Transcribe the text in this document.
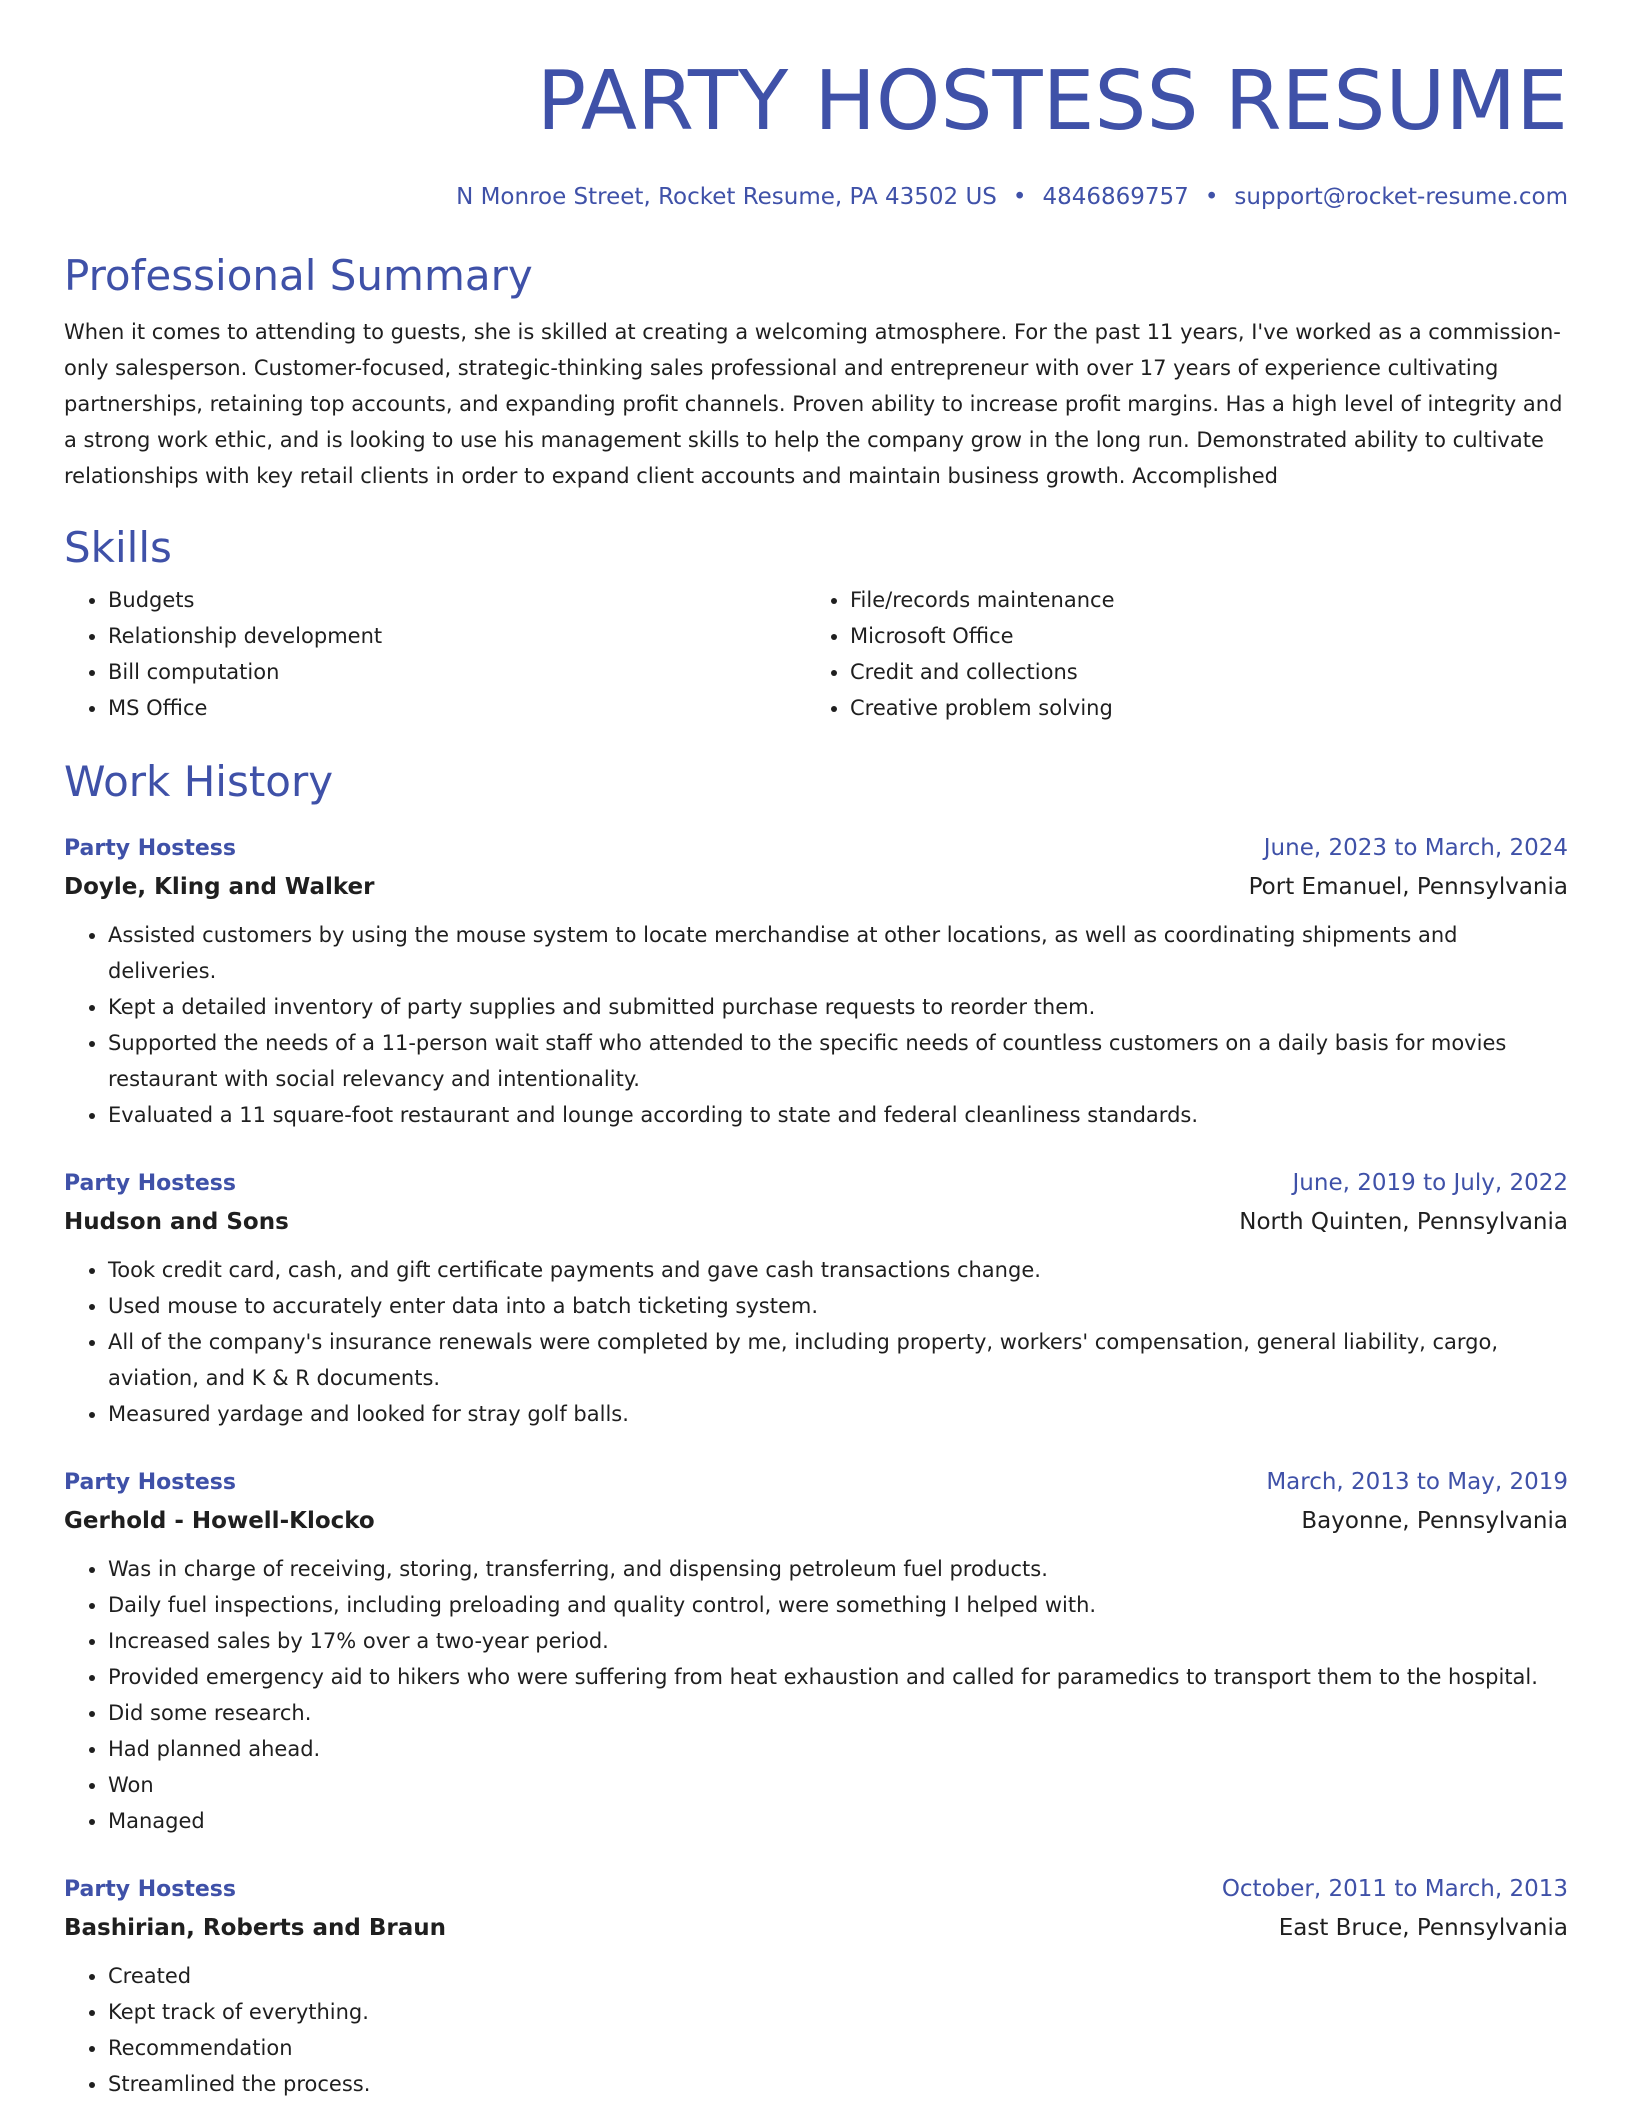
PARTY HOSTESS RESUME
N Monroe Street, Rocket Resume, PA 43502 US • 4846869757 • support@rocket-resume.com
Professional Summary

When it comes to attending to guests, she is skilled at creating a welcoming atmosphere. For the past 11 years, I've worked as a commission-only salesperson. Customer-focused, strategic-thinking sales professional and entrepreneur with over 17 years of experience cultivating partnerships, retaining top accounts, and expanding profit channels. Proven ability to increase profit margins. Has a high level of integrity and a strong work ethic, and is looking to use his management skills to help the company grow in the long run. Demonstrated ability to cultivate relationships with key retail clients in order to expand client accounts and maintain business growth. Accomplished

Skills
• Budgets
• Relationship development
• Bill computation
• MS Office
• File/records maintenance
• Microsoft Office
• Credit and collections
• Creative problem solving
Work History
Party Hostess	June, 2023 to March, 2024
Doyle, Kling and Walker	Port Emanuel, Pennsylvania
• Assisted customers by using the mouse system to locate merchandise at other locations, as well as coordinating shipments and deliveries.
• Kept a detailed inventory of party supplies and submitted purchase requests to reorder them.
• Supported the needs of a 11-person wait staff who attended to the specific needs of countless customers on a daily basis for movies restaurant with social relevancy and intentionality.
• Evaluated a 11 square-foot restaurant and lounge according to state and federal cleanliness standards.
Party Hostess	June, 2019 to July, 2022
Hudson and Sons	North Quinten, Pennsylvania
• Took credit card, cash, and gift certificate payments and gave cash transactions change.
• Used mouse to accurately enter data into a batch ticketing system.
• All of the company's insurance renewals were completed by me, including property, workers' compensation, general liability, cargo, aviation, and K & R documents.
• Measured yardage and looked for stray golf balls.
Party Hostess	March, 2013 to May, 2019
Gerhold - Howell-Klocko	Bayonne, Pennsylvania
• Was in charge of receiving, storing, transferring, and dispensing petroleum fuel products.
• Daily fuel inspections, including preloading and quality control, were something I helped with.
• Increased sales by 17% over a two-year period.
• Provided emergency aid to hikers who were suffering from heat exhaustion and called for paramedics to transport them to the hospital.
• Did some research.
• Had planned ahead.
• Won
• Managed
Party Hostess	October, 2011 to March, 2013
Bashirian, Roberts and Braun	East Bruce, Pennsylvania
• Created
• Kept track of everything.
• Recommendation
• Streamlined the process.
